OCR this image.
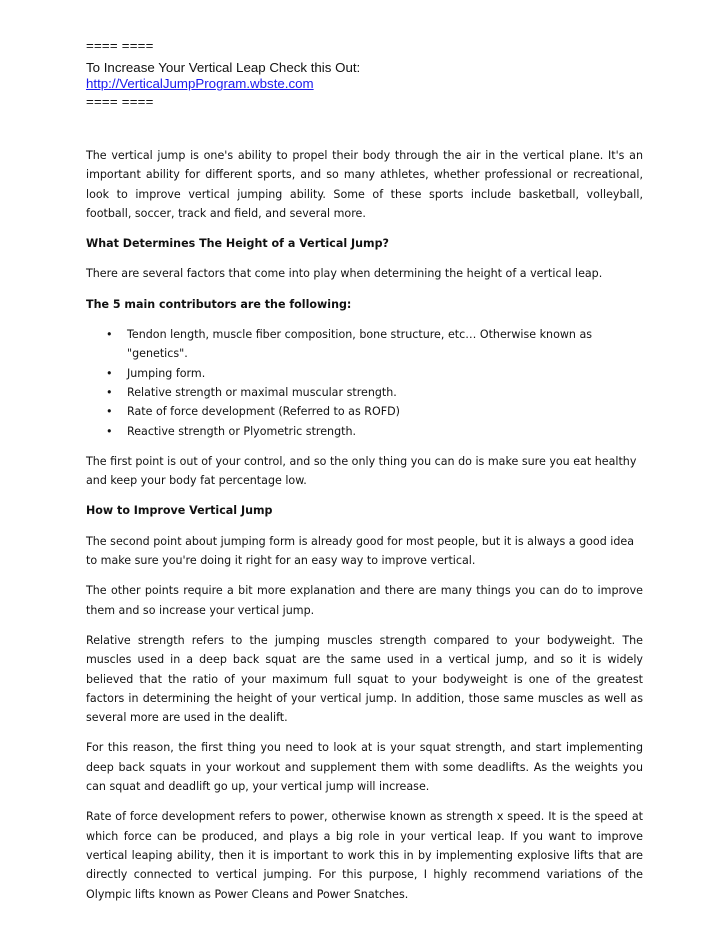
==== ====
To Increase Your Vertical Leap Check this Out:
http://VerticalJumpProgram.wbste.com
==== ====

The vertical jump is one's ability to propel their body through the air in the vertical plane. It's an important ability for different sports, and so many athletes, whether professional or recreational, look to improve vertical jumping ability. Some of these sports include basketball, volleyball, football, soccer, track and field, and several more.

What Determines The Height of a Vertical Jump?

There are several factors that come into play when determining the height of a vertical leap.

The 5 main contributors are the following:
• Tendon length, muscle fiber composition, bone structure, etc… Otherwise known as "genetics".
• Jumping form.
• Relative strength or maximal muscular strength.
• Rate of force development (Referred to as ROFD)
• Reactive strength or Plyometric strength.

The first point is out of your control, and so the only thing you can do is make sure you eat healthy and keep your body fat percentage low.

How to Improve Vertical Jump

The second point about jumping form is already good for most people, but it is always a good idea to make sure you're doing it right for an easy way to improve vertical.

The other points require a bit more explanation and there are many things you can do to improve them and so increase your vertical jump.

Relative strength refers to the jumping muscles strength compared to your bodyweight. The muscles used in a deep back squat are the same used in a vertical jump, and so it is widely believed that the ratio of your maximum full squat to your bodyweight is one of the greatest factors in determining the height of your vertical jump. In addition, those same muscles as well as several more are used in the dealift.

For this reason, the first thing you need to look at is your squat strength, and start implementing deep back squats in your workout and supplement them with some deadlifts. As the weights you can squat and deadlift go up, your vertical jump will increase.

Rate of force development refers to power, otherwise known as strength x speed. It is the speed at which force can be produced, and plays a big role in your vertical leap. If you want to improve vertical leaping ability, then it is important to work this in by implementing explosive lifts that are directly connected to vertical jumping. For this purpose, I highly recommend variations of the Olympic lifts known as Power Cleans and Power Snatches.
